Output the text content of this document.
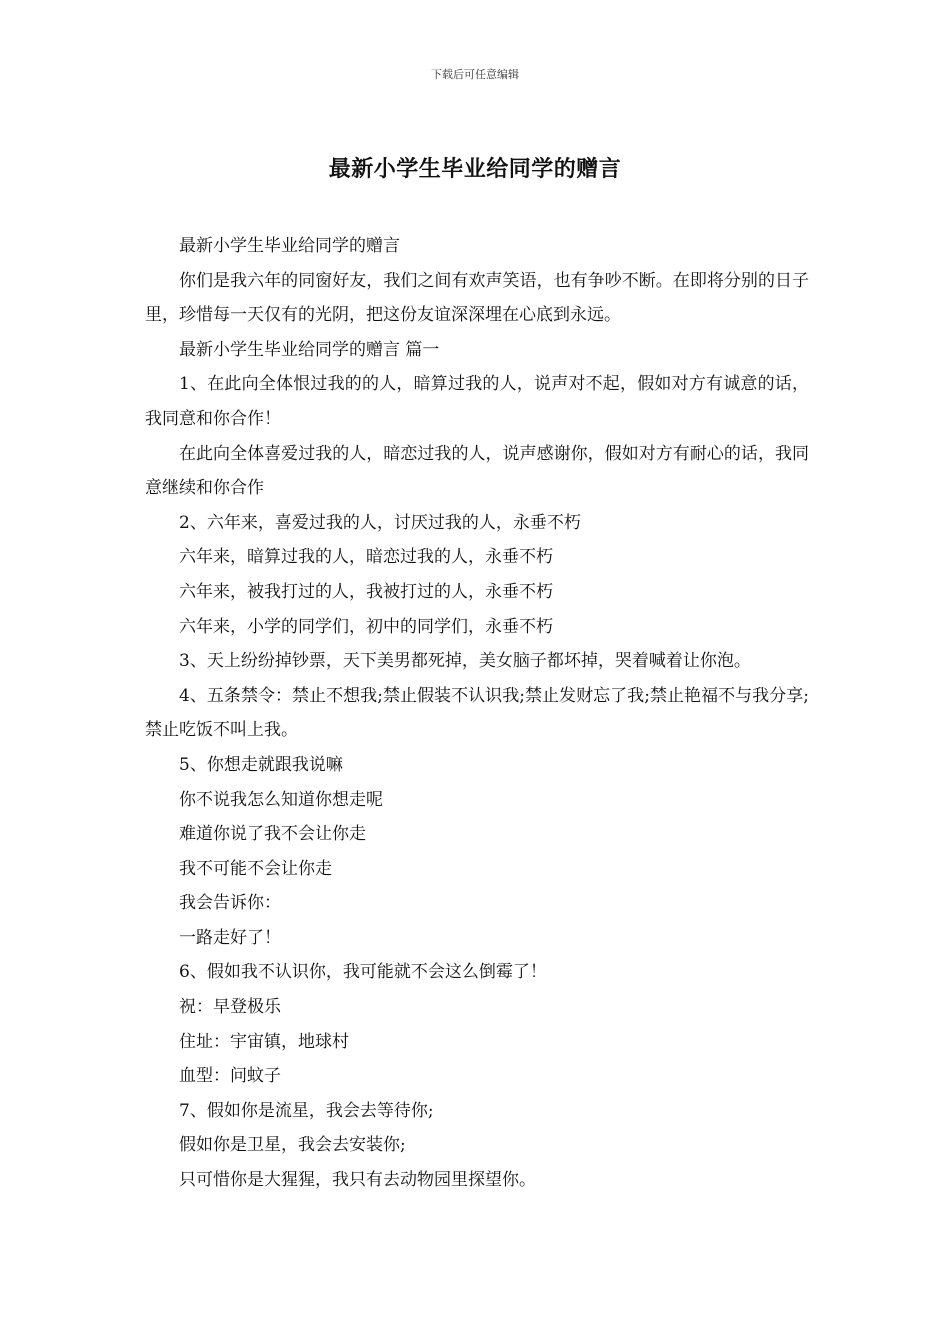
下载后可任意编辑
最新小学生毕业给同学的赠言

最新小学生毕业给同学的赠言

你们是我六年的同窗好友，我们之间有欢声笑语，也有争吵不断。在即将分别的日子里，珍惜每一天仅有的光阴，把这份友谊深深埋在心底到永远。

最新小学生毕业给同学的赠言 篇一

1、在此向全体恨过我的的人，暗算过我的人，说声对不起，假如对方有诚意的话，我同意和你合作！

在此向全体喜爱过我的人，暗恋过我的人，说声感谢你，假如对方有耐心的话，我同意继续和你合作

2、六年来，喜爱过我的人，讨厌过我的人，永垂不朽

六年来，暗算过我的人，暗恋过我的人，永垂不朽

六年来，被我打过的人，我被打过的人，永垂不朽

六年来，小学的同学们，初中的同学们，永垂不朽

3、天上纷纷掉钞票，天下美男都死掉，美女脑子都坏掉，哭着喊着让你泡。

4、五条禁令：禁止不想我;禁止假装不认识我;禁止发财忘了我;禁止艳福不与我分享;禁止吃饭不叫上我。

5、你想走就跟我说嘛

你不说我怎么知道你想走呢

难道你说了我不会让你走

我不可能不会让你走

我会告诉你：

一路走好了！

6、假如我不认识你，我可能就不会这么倒霉了！

祝：早登极乐

住址：宇宙镇，地球村

血型：问蚊子

7、假如你是流星，我会去等待你;

假如你是卫星，我会去安装你;

只可惜你是大猩猩，我只有去动物园里探望你。
